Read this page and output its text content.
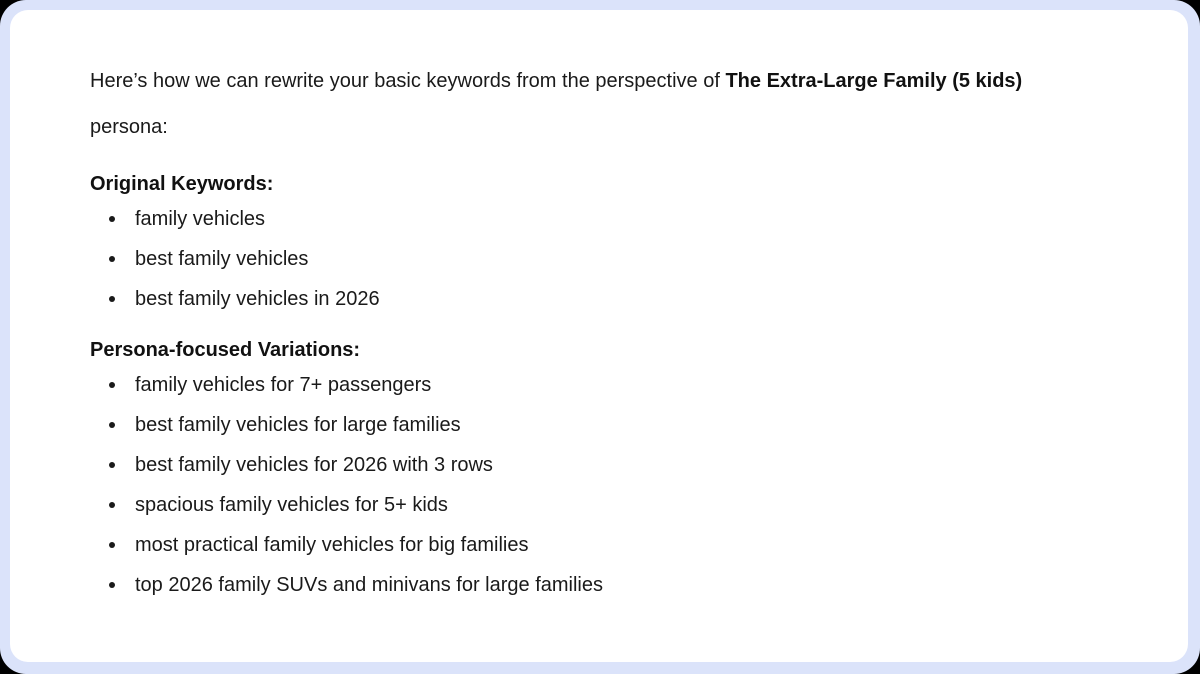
Here’s how we can rewrite your basic keywords from the perspective of The Extra-Large Family (5 kids)
persona:

Original Keywords:
family vehicles
best family vehicles
best family vehicles in 2026
Persona-focused Variations:
family vehicles for 7+ passengers
best family vehicles for large families
best family vehicles for 2026 with 3 rows
spacious family vehicles for 5+ kids
most practical family vehicles for big families
top 2026 family SUVs and minivans for large families
